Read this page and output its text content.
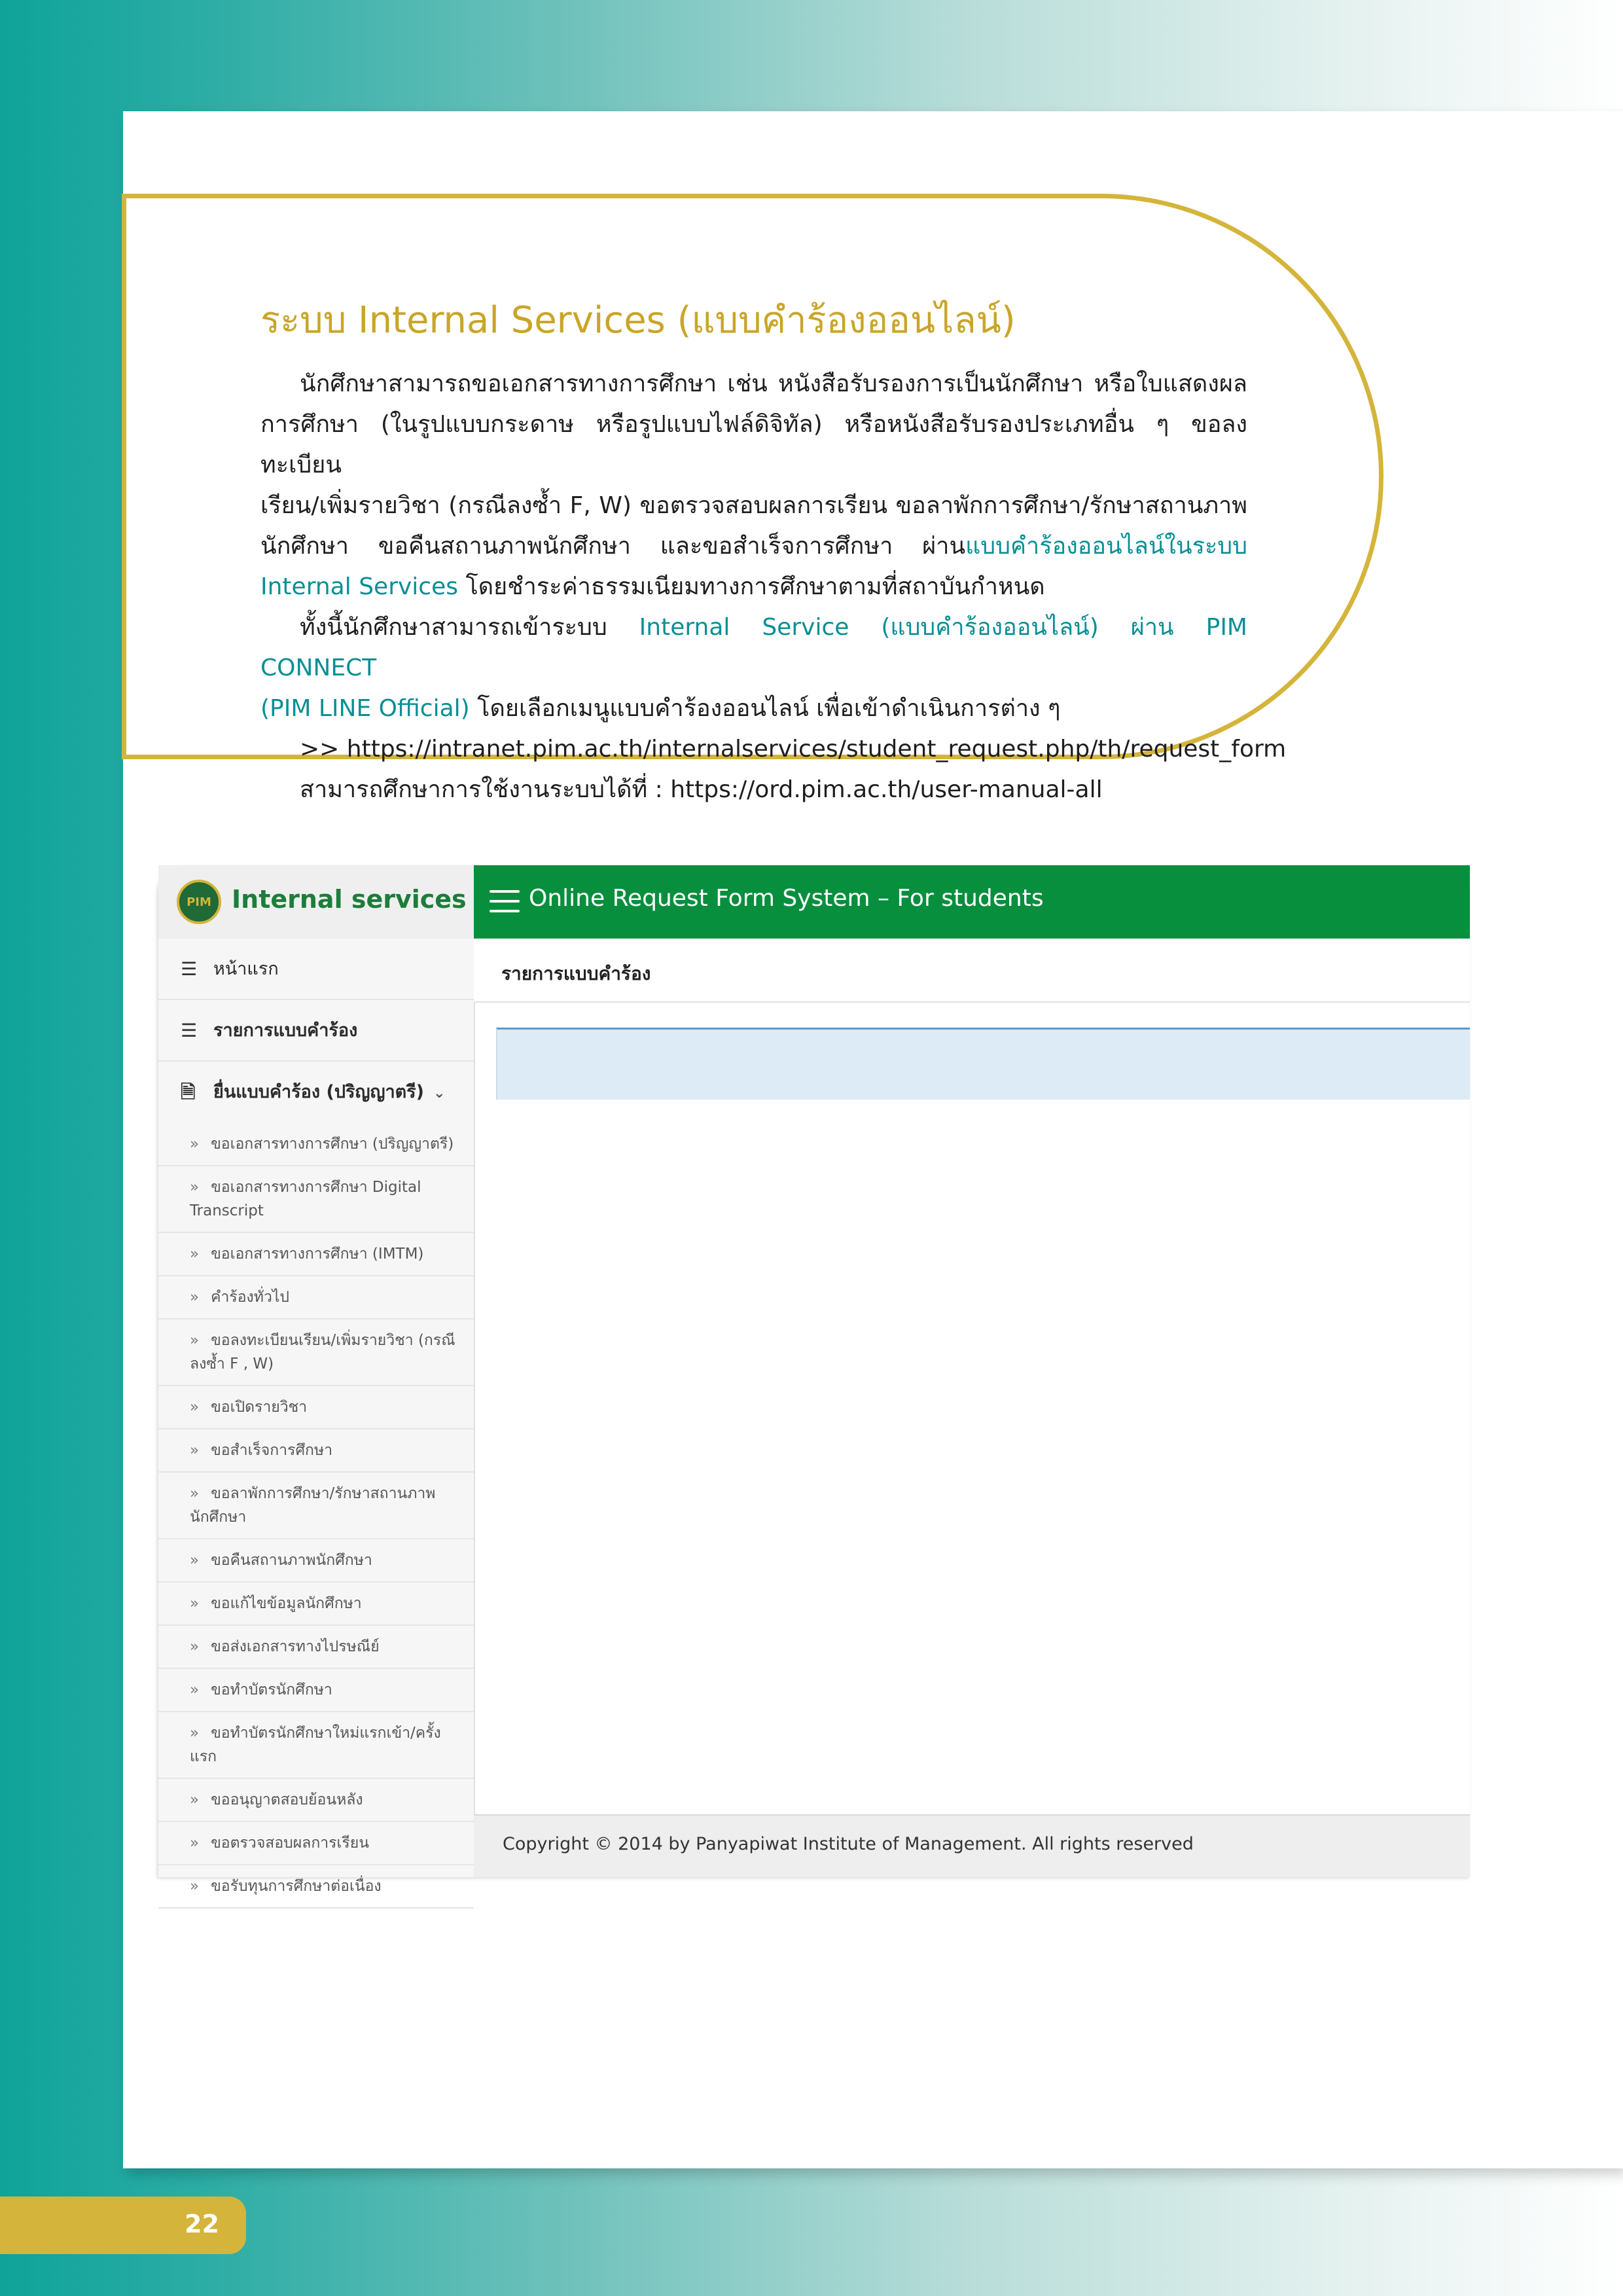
ระบบ Internal Services (แบบคำร้องออนไลน์)
นักศึกษาสามารถขอเอกสารทางการศึกษา เช่น หนังสือรับรองการเป็นนักศึกษา หรือใบแสดงผล
การศึกษา (ในรูปแบบกระดาษ หรือรูปแบบไฟล์ดิจิทัล) หรือหนังสือรับรองประเภทอื่น ๆ ขอลงทะเบียน
เรียน/เพิ่มรายวิชา (กรณีลงซ้ำ F, W) ขอตรวจสอบผลการเรียน ขอลาพักการศึกษา/รักษาสถานภาพ
นักศึกษา ขอคืนสถานภาพนักศึกษา และขอสำเร็จการศึกษา ผ่านแบบคำร้องออนไลน์ในระบบ
Internal Services โดยชำระค่าธรรมเนียมทางการศึกษาตามที่สถาบันกำหนด
ทั้งนี้นักศึกษาสามารถเข้าระบบ Internal Service (แบบคำร้องออนไลน์) ผ่าน PIM CONNECT
(PIM LINE Official) โดยเลือกเมนูแบบคำร้องออนไลน์ เพื่อเข้าดำเนินการต่าง ๆ
>> https://intranet.pim.ac.th/internalservices/student_request.php/th/request_form
สามารถศึกษาการใช้งานระบบได้ที่ : https://ord.pim.ac.th/user-manual-all
PIM Internal services	Online Request Form System – For students
☰ หน้าแรก
☰ รายการแบบคำร้อง
🗎 ยื่นแบบคำร้อง (ปริญญาตรี) ⌄
» ขอเอกสารทางการศึกษา (ปริญญาตรี)
» ขอเอกสารทางการศึกษา Digital Transcript
» ขอเอกสารทางการศึกษา (IMTM)
» คำร้องทั่วไป
» ขอลงทะเบียนเรียน/เพิ่มรายวิชา (กรณีลงซ้ำ F , W)
» ขอเปิดรายวิชา
» ขอสำเร็จการศึกษา
» ขอลาพักการศึกษา/รักษาสถานภาพนักศึกษา
» ขอคืนสถานภาพนักศึกษา
» ขอแก้ไขข้อมูลนักศึกษา
» ขอส่งเอกสารทางไปรษณีย์
» ขอทำบัตรนักศึกษา
» ขอทำบัตรนักศึกษาใหม่แรกเข้า/ครั้งแรก
» ขออนุญาตสอบย้อนหลัง
» ขอตรวจสอบผลการเรียน
» ขอรับทุนการศึกษาต่อเนื่อง
รายการแบบคำร้อง
Copyright © 2014 by Panyapiwat Institute of Management. All rights reserved
22
